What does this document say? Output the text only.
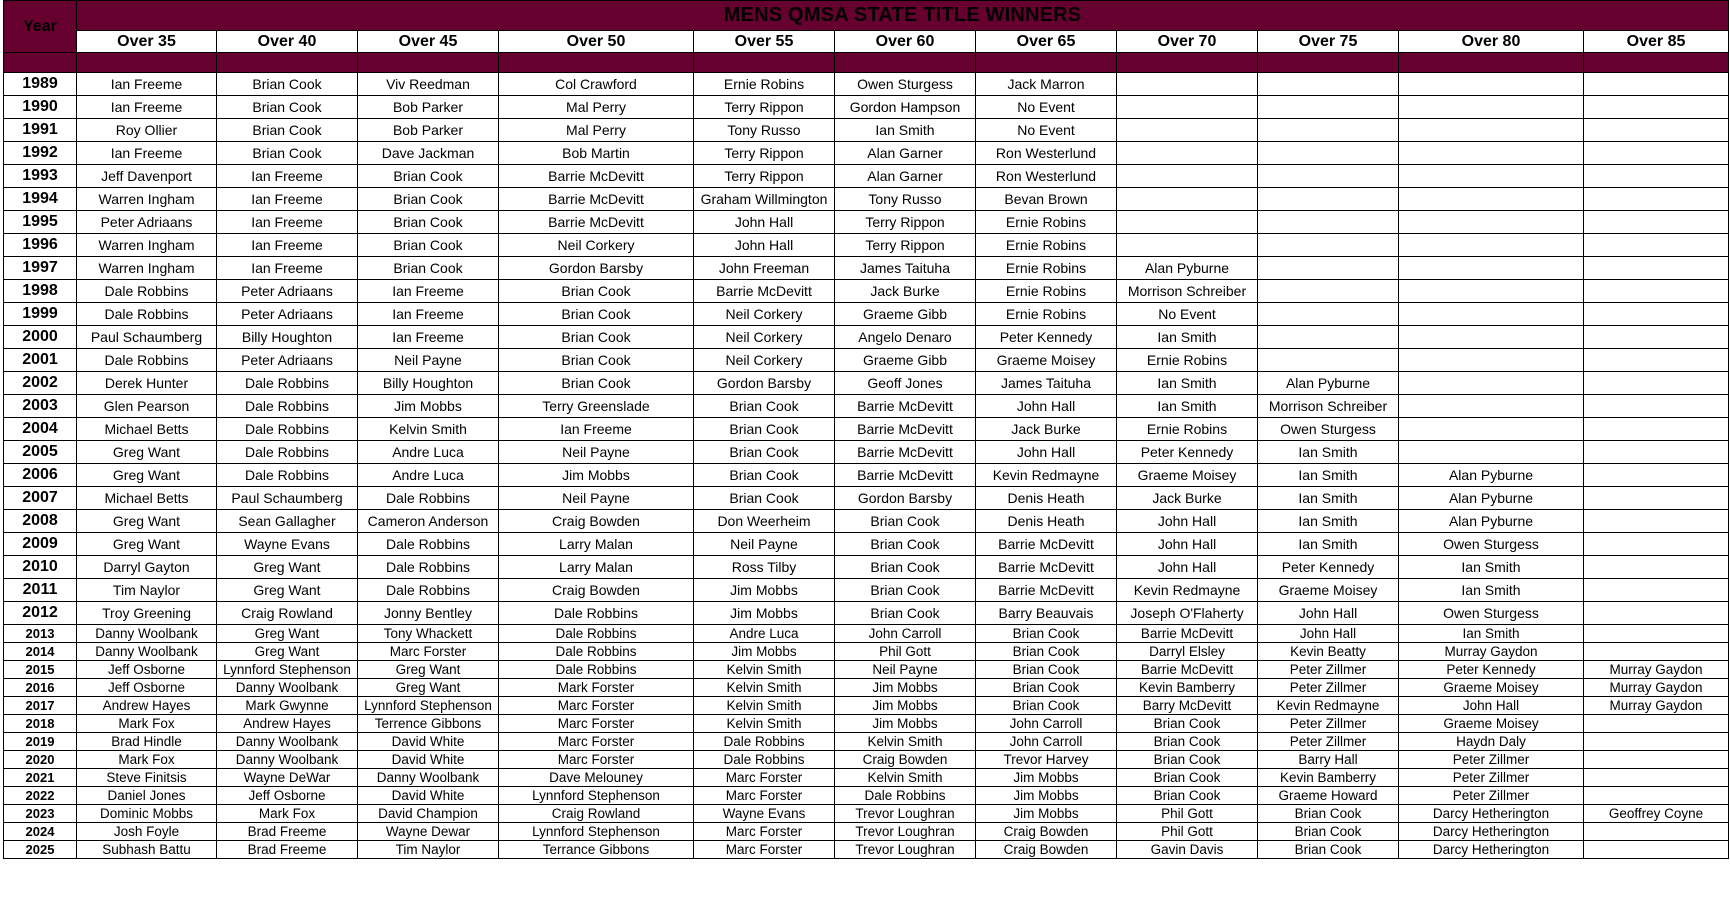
Year	MENS QMSA STATE TITLE WINNERS										
	Over 35	Over 40	Over 45	Over 50	Over 55	Over 60	Over 65	Over 70	Over 75	Over 80	Over 85

1989	Ian Freeme	Brian Cook	Viv Reedman	Col Crawford	Ernie Robins	Owen Sturgess	Jack Marron				
1990	Ian Freeme	Brian Cook	Bob Parker	Mal Perry	Terry Rippon	Gordon Hampson	No Event				
1991	Roy Ollier	Brian Cook	Bob Parker	Mal Perry	Tony Russo	Ian Smith	No Event				
1992	Ian Freeme	Brian Cook	Dave Jackman	Bob Martin	Terry Rippon	Alan Garner	Ron Westerlund				
1993	Jeff Davenport	Ian Freeme	Brian Cook	Barrie McDevitt	Terry Rippon	Alan Garner	Ron Westerlund				
1994	Warren Ingham	Ian Freeme	Brian Cook	Barrie McDevitt	Graham Willmington	Tony Russo	Bevan Brown				
1995	Peter Adriaans	Ian Freeme	Brian Cook	Barrie McDevitt	John Hall	Terry Rippon	Ernie Robins				
1996	Warren Ingham	Ian Freeme	Brian Cook	Neil Corkery	John Hall	Terry Rippon	Ernie Robins				
1997	Warren Ingham	Ian Freeme	Brian Cook	Gordon Barsby	John Freeman	James Taituha	Ernie Robins	Alan Pyburne			
1998	Dale Robbins	Peter Adriaans	Ian Freeme	Brian Cook	Barrie McDevitt	Jack Burke	Ernie Robins	Morrison Schreiber			
1999	Dale Robbins	Peter Adriaans	Ian Freeme	Brian Cook	Neil Corkery	Graeme Gibb	Ernie Robins	No Event			
2000	Paul Schaumberg	Billy Houghton	Ian Freeme	Brian Cook	Neil Corkery	Angelo Denaro	Peter Kennedy	Ian Smith			
2001	Dale Robbins	Peter Adriaans	Neil Payne	Brian Cook	Neil Corkery	Graeme Gibb	Graeme Moisey	Ernie Robins			
2002	Derek Hunter	Dale Robbins	Billy Houghton	Brian Cook	Gordon Barsby	Geoff Jones	James Taituha	Ian Smith	Alan Pyburne		
2003	Glen Pearson	Dale Robbins	Jim Mobbs	Terry Greenslade	Brian Cook	Barrie McDevitt	John Hall	Ian Smith	Morrison Schreiber		
2004	Michael Betts	Dale Robbins	Kelvin Smith	Ian Freeme	Brian Cook	Barrie McDevitt	Jack Burke	Ernie Robins	Owen Sturgess		
2005	Greg Want	Dale Robbins	Andre Luca	Neil Payne	Brian Cook	Barrie McDevitt	John Hall	Peter Kennedy	Ian Smith		
2006	Greg Want	Dale Robbins	Andre Luca	Jim Mobbs	Brian Cook	Barrie McDevitt	Kevin Redmayne	Graeme Moisey	Ian Smith	Alan Pyburne	
2007	Michael Betts	Paul Schaumberg	Dale Robbins	Neil Payne	Brian Cook	Gordon Barsby	Denis Heath	Jack Burke	Ian Smith	Alan Pyburne	
2008	Greg Want	Sean Gallagher	Cameron Anderson	Craig Bowden	Don Weerheim	Brian Cook	Denis Heath	John Hall	Ian Smith	Alan Pyburne	
2009	Greg Want	Wayne Evans	Dale Robbins	Larry Malan	Neil Payne	Brian Cook	Barrie McDevitt	John Hall	Ian Smith	Owen Sturgess	
2010	Darryl Gayton	Greg Want	Dale Robbins	Larry Malan	Ross Tilby	Brian Cook	Barrie McDevitt	John Hall	Peter Kennedy	Ian Smith	
2011	Tim Naylor	Greg Want	Dale Robbins	Craig Bowden	Jim Mobbs	Brian Cook	Barrie McDevitt	Kevin Redmayne	Graeme Moisey	Ian Smith	
2012	Troy Greening	Craig Rowland	Jonny Bentley	Dale Robbins	Jim Mobbs	Brian Cook	Barry Beauvais	Joseph O'Flaherty	John Hall	Owen Sturgess	
2013	Danny Woolbank	Greg Want	Tony Whackett	Dale Robbins	Andre Luca	John Carroll	Brian Cook	Barrie McDevitt	John Hall	Ian Smith	
2014	Danny Woolbank	Greg Want	Marc Forster	Dale Robbins	Jim Mobbs	Phil Gott	Brian Cook	Darryl Elsley	Kevin Beatty	Murray Gaydon	
2015	Jeff Osborne	Lynnford Stephenson	Greg Want	Dale Robbins	Kelvin Smith	Neil Payne	Brian Cook	Barrie McDevitt	Peter Zillmer	Peter Kennedy	Murray Gaydon
2016	Jeff Osborne	Danny Woolbank	Greg Want	Mark Forster	Kelvin Smith	Jim Mobbs	Brian Cook	Kevin Bamberry	Peter Zillmer	Graeme Moisey	Murray Gaydon
2017	Andrew Hayes	Mark Gwynne	Lynnford Stephenson	Marc Forster	Kelvin Smith	Jim Mobbs	Brian Cook	Barry McDevitt	Kevin Redmayne	John Hall	Murray Gaydon
2018	Mark Fox	Andrew Hayes	Terrence Gibbons	Marc Forster	Kelvin Smith	Jim Mobbs	John Carroll	Brian Cook	Peter Zillmer	Graeme Moisey	
2019	Brad Hindle	Danny Woolbank	David White	Marc Forster	Dale Robbins	Kelvin Smith	John Carroll	Brian Cook	Peter Zillmer	Haydn Daly	
2020	Mark Fox	Danny Woolbank	David White	Marc Forster	Dale Robbins	Craig Bowden	Trevor Harvey	Brian Cook	Barry Hall	Peter Zillmer	
2021	Steve Finitsis	Wayne DeWar	Danny Woolbank	Dave Melouney	Marc Forster	Kelvin Smith	Jim Mobbs	Brian Cook	Kevin Bamberry	Peter Zillmer	
2022	Daniel Jones	Jeff Osborne	David White	Lynnford Stephenson	Marc Forster	Dale Robbins	Jim Mobbs	Brian Cook	Graeme Howard	Peter Zillmer	
2023	Dominic Mobbs	Mark Fox	David Champion	Craig Rowland	Wayne Evans	Trevor Loughran	Jim Mobbs	Phil Gott	Brian Cook	Darcy Hetherington	Geoffrey Coyne
2024	Josh Foyle	Brad Freeme	Wayne Dewar	Lynnford Stephenson	Marc Forster	Trevor Loughran	Craig Bowden	Phil Gott	Brian Cook	Darcy Hetherington	
2025	Subhash Battu	Brad Freeme	Tim Naylor	Terrance Gibbons	Marc Forster	Trevor Loughran	Craig Bowden	Gavin Davis	Brian Cook	Darcy Hetherington	
